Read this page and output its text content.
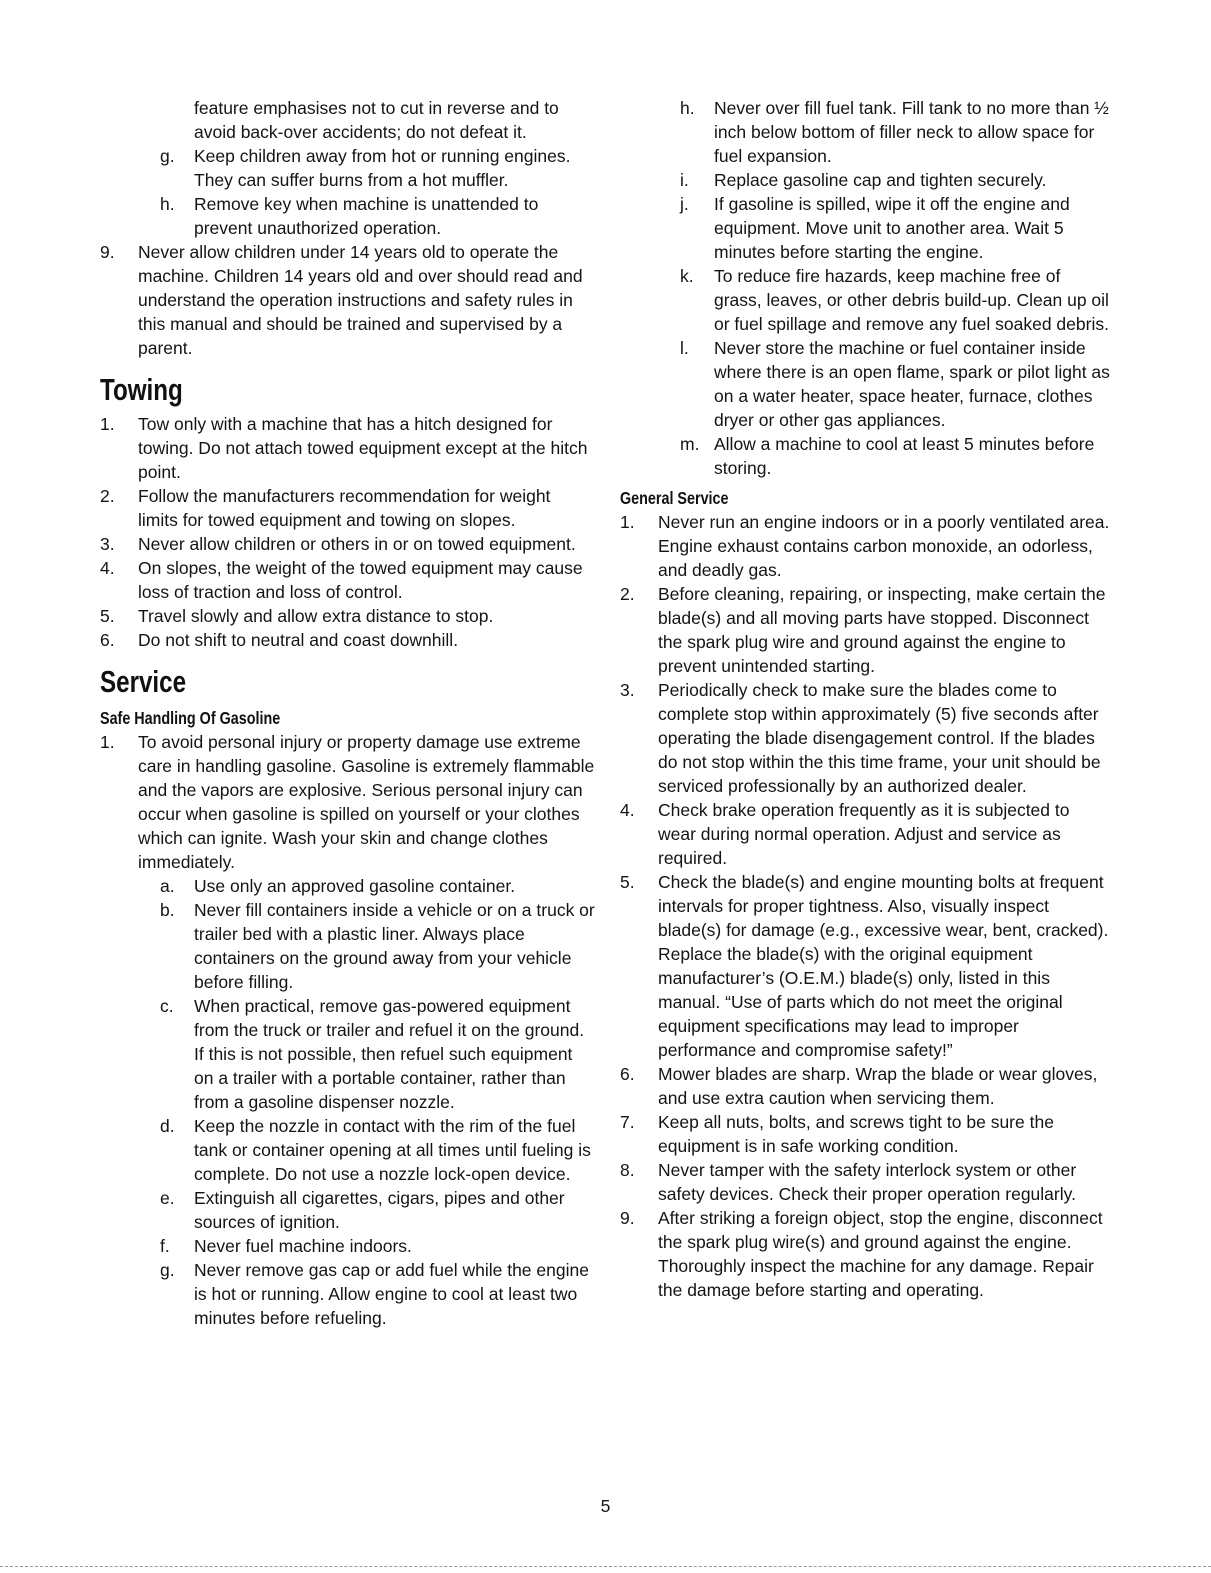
feature emphasises not to cut in reverse and to avoid back-over accidents; do not defeat it.
g. Keep children away from hot or running engines. They can suffer burns from a hot muffler.
h. Remove key when machine is unattended to prevent unauthorized operation.
9. Never allow children under 14 years old to operate the machine. Children 14 years old and over should read and understand the operation instructions and safety rules in this manual and should be trained and supervised by a parent.
Towing
1. Tow only with a machine that has a hitch designed for towing. Do not attach towed equipment except at the hitch point.
2. Follow the manufacturers recommendation for weight limits for towed equipment and towing on slopes.
3. Never allow children or others in or on towed equipment.
4. On slopes, the weight of the towed equipment may cause loss of traction and loss of control.
5. Travel slowly and allow extra distance to stop.
6. Do not shift to neutral and coast downhill.
Service
Safe Handling Of Gasoline
1. To avoid personal injury or property damage use extreme care in handling gasoline. Gasoline is extremely flammable and the vapors are explosive. Serious personal injury can occur when gasoline is spilled on yourself or your clothes which can ignite. Wash your skin and change clothes immediately.
a. Use only an approved gasoline container.
b. Never fill containers inside a vehicle or on a truck or trailer bed with a plastic liner. Always place containers on the ground away from your vehicle before filling.
c. When practical, remove gas-powered equipment from the truck or trailer and refuel it on the ground. If this is not possible, then refuel such equipment on a trailer with a portable container, rather than from a gasoline dispenser nozzle.
d. Keep the nozzle in contact with the rim of the fuel tank or container opening at all times until fueling is complete. Do not use a nozzle lock-open device.
e. Extinguish all cigarettes, cigars, pipes and other sources of ignition.
f. Never fuel machine indoors.
g. Never remove gas cap or add fuel while the engine is hot or running. Allow engine to cool at least two minutes before refueling.
h. Never over fill fuel tank. Fill tank to no more than ½ inch below bottom of filler neck to allow space for fuel expansion.
i. Replace gasoline cap and tighten securely.
j. If gasoline is spilled, wipe it off the engine and equipment. Move unit to another area. Wait 5 minutes before starting the engine.
k. To reduce fire hazards, keep machine free of grass, leaves, or other debris build-up. Clean up oil or fuel spillage and remove any fuel soaked debris.
l. Never store the machine or fuel container inside where there is an open flame, spark or pilot light as on a water heater, space heater, furnace, clothes dryer or other gas appliances.
m. Allow a machine to cool at least 5 minutes before storing.
General Service
1. Never run an engine indoors or in a poorly ventilated area. Engine exhaust contains carbon monoxide, an odorless, and deadly gas.
2. Before cleaning, repairing, or inspecting, make certain the blade(s) and all moving parts have stopped. Disconnect the spark plug wire and ground against the engine to prevent unintended starting.
3. Periodically check to make sure the blades come to complete stop within approximately (5) five seconds after operating the blade disengagement control. If the blades do not stop within the this time frame, your unit should be serviced professionally by an authorized dealer.
4. Check brake operation frequently as it is subjected to wear during normal operation. Adjust and service as required.
5. Check the blade(s) and engine mounting bolts at frequent intervals for proper tightness. Also, visually inspect blade(s) for damage (e.g., excessive wear, bent, cracked). Replace the blade(s) with the original equipment manufacturer’s (O.E.M.) blade(s) only, listed in this manual. “Use of parts which do not meet the original equipment specifications may lead to improper performance and compromise safety!”
6. Mower blades are sharp. Wrap the blade or wear gloves, and use extra caution when servicing them.
7. Keep all nuts, bolts, and screws tight to be sure the equipment is in safe working condition.
8. Never tamper with the safety interlock system or other safety devices. Check their proper operation regularly.
9. After striking a foreign object, stop the engine, disconnect the spark plug wire(s) and ground against the engine. Thoroughly inspect the machine for any damage. Repair the damage before starting and operating.
5
